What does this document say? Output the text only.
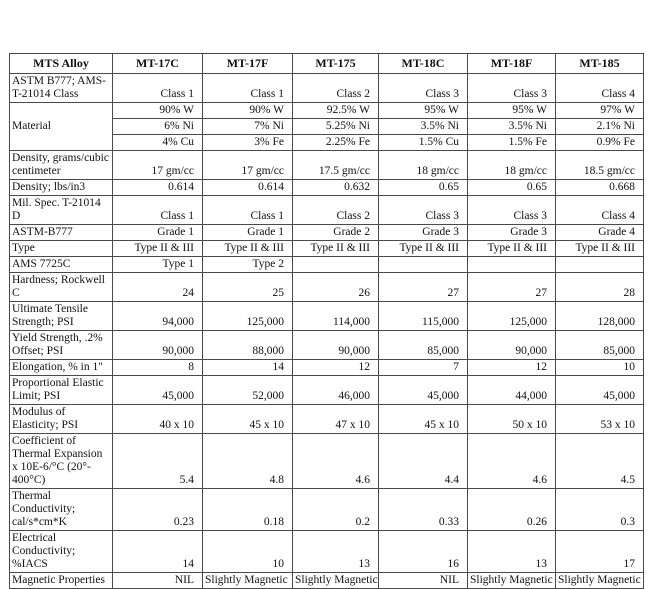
MTS Alloy	MT-17C	MT-17F	MT-175	MT-18C	MT-18F	MT-185
ASTM B777; AMS-T-21014 Class	Class 1	Class 1	Class 2	Class 3	Class 3	Class 4
Material	90% W	90% W	92.5% W	95% W	95% W	97% W
	6% Ni	7% Ni	5.25% Ni	3.5% Ni	3.5% Ni	2.1% Ni
	4% Cu	3% Fe	2.25% Fe	1.5% Cu	1.5% Fe	0.9% Fe
Density, grams/cubic centimeter	17 gm/cc	17 gm/cc	17.5 gm/cc	18 gm/cc	18 gm/cc	18.5 gm/cc
Density; lbs/in3	0.614	0.614	0.632	0.65	0.65	0.668
Mil. Spec. T-21014 D	Class 1	Class 1	Class 2	Class 3	Class 3	Class 4
ASTM-B777	Grade 1	Grade 1	Grade 2	Grade 3	Grade 3	Grade 4
Type	Type II & III	Type II & III	Type II & III	Type II & III	Type II & III	Type II & III
AMS 7725C	Type 1	Type 2				
Hardness; Rockwell C	24	25	26	27	27	28
Ultimate Tensile Strength; PSI	94,000	125,000	114,000	115,000	125,000	128,000
Yield Strength, .2% Offset; PSI	90,000	88,000	90,000	85,000	90,000	85,000
Elongation, % in 1"	8	14	12	7	12	10
Proportional Elastic Limit; PSI	45,000	52,000	46,000	45,000	44,000	45,000
Modulus of Elasticity; PSI	40 x 10	45 x 10	47 x 10	45 x 10	50 x 10	53 x 10
Coefficient of Thermal Expansion x 10E-6/°C (20°- 400°C)	5.4	4.8	4.6	4.4	4.6	4.5
Thermal Conductivity; cal/s*cm*K	0.23	0.18	0.2	0.33	0.26	0.3
Electrical Conductivity; %IACS	14	10	13	16	13	17
Magnetic Properties	NIL	Slightly Magnetic	Slightly Magnetic	NIL	Slightly Magnetic	Slightly Magnetic
